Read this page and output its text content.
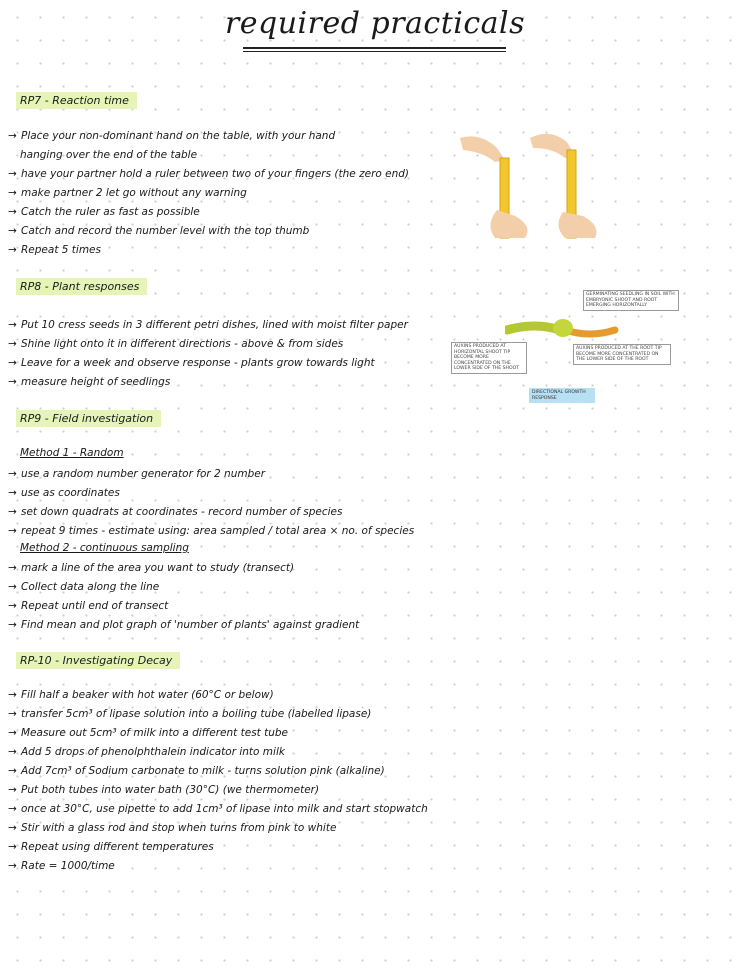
required practicals
RP7 - Reaction time
→ Place your non-dominant hand on the table, with your hand
hanging over the end of the table
→ have your partner hold a ruler between two of your fingers (the zero end)
→ make partner 2 let go without any warning
→ Catch the ruler as fast as possible
→ Catch and record the number level with the top thumb
→ Repeat 5 times
RP8 - Plant responses
→ Put 10 cress seeds in 3 different petri dishes, lined with moist filter paper
→ Shine light onto it in different directions - above & from sides
→ Leave for a week and observe response - plants grow towards light
→ measure height of seedlings
GERMINATING SEEDLING IN SOIL WITH EMBRYONIC SHOOT AND ROOT EMERGING HORIZONTALLY
AUXINS PRODUCED AT HORIZONTAL SHOOT TIP BECOME MORE CONCENTRATED ON THE LOWER SIDE OF THE SHOOT
AUXINS PRODUCED AT THE ROOT TIP BECOME MORE CONCENTRATED ON THE LOWER SIDE OF THE ROOT
DIRECTIONAL GROWTH RESPONSE
RP9 - Field investigation
Method 1 - Random
→ use a random number generator for 2 number
→ use as coordinates
→ set down quadrats at coordinates - record number of species
→ repeat 9 times - estimate using: area sampled / total area × no. of species
Method 2 - continuous sampling
→ mark a line of the area you want to study (transect)
→ Collect data along the line
→ Repeat until end of transect
→ Find mean and plot graph of 'number of plants' against gradient
RP-10 - Investigating Decay
→ Fill half a beaker with hot water (60°C or below)
→ transfer 5cm³ of lipase solution into a boiling tube (labelled lipase)
→ Measure out 5cm³ of milk into a different test tube
→ Add 5 drops of phenolphthalein indicator into milk
→ Add 7cm³ of Sodium carbonate to milk - turns solution pink (alkaline)
→ Put both tubes into water bath (30°C) (we thermometer)
→ once at 30°C, use pipette to add 1cm³ of lipase into milk and start stopwatch
→ Stir with a glass rod and stop when turns from pink to white
→ Repeat using different temperatures
→ Rate = 1000/time
